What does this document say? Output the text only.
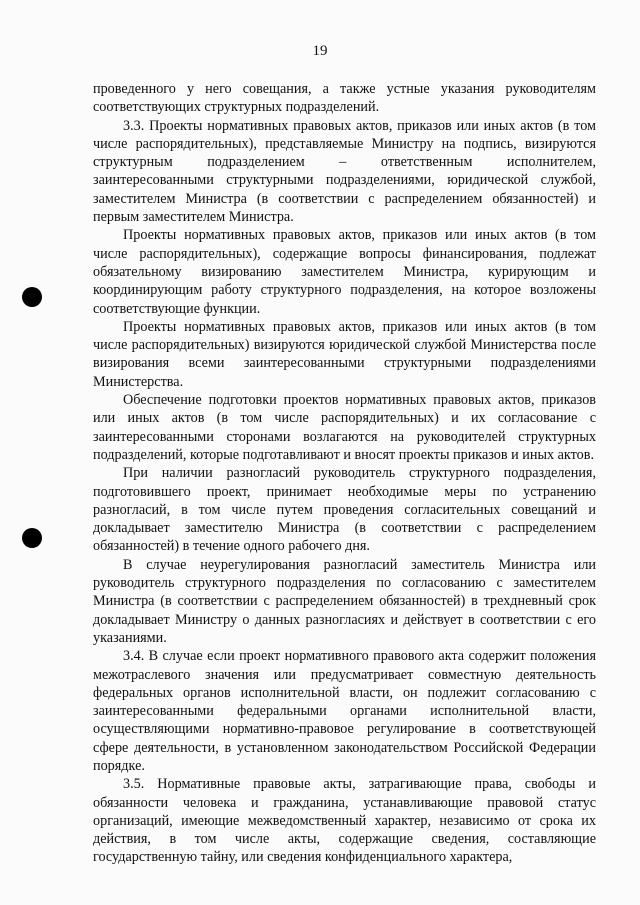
19

проведенного у него совещания, а также устные указания руководителям соответствующих структурных подразделений.

3.3. Проекты нормативных правовых актов, приказов или иных актов (в том числе распорядительных), представляемые Министру на подпись, визируются структурным подразделением – ответственным исполнителем, заинтересованными структурными подразделениями, юридической службой, заместителем Министра (в соответствии с распределением обязанностей) и первым заместителем Министра.

Проекты нормативных правовых актов, приказов или иных актов (в том числе распорядительных), содержащие вопросы финансирования, подлежат обязательному визированию заместителем Министра, курирующим и координирующим работу структурного подразделения, на которое возложены соответствующие функции.

Проекты нормативных правовых актов, приказов или иных актов (в том числе распорядительных) визируются юридической службой Министерства после визирования всеми заинтересованными структурными подразделениями Министерства.

Обеспечение подготовки проектов нормативных правовых актов, приказов или иных актов (в том числе распорядительных) и их согласование с заинтересованными сторонами возлагаются на руководителей структурных подразделений, которые подготавливают и вносят проекты приказов и иных актов.

При наличии разногласий руководитель структурного подразделения, подготовившего проект, принимает необходимые меры по устранению разногласий, в том числе путем проведения согласительных совещаний и докладывает заместителю Министра (в соответствии с распределением обязанностей) в течение одного рабочего дня.

В случае неурегулирования разногласий заместитель Министра или руководитель структурного подразделения по согласованию с заместителем Министра (в соответствии с распределением обязанностей) в трехдневный срок докладывает Министру о данных разногласиях и действует в соответствии с его указаниями.

3.4. В случае если проект нормативного правового акта содержит положения межотраслевого значения или предусматривает совместную деятельность федеральных органов исполнительной власти, он подлежит согласованию с заинтересованными федеральными органами исполнительной власти, осуществляющими нормативно-правовое регулирование в соответствующей сфере деятельности, в установленном законодательством Российской Федерации порядке.

3.5. Нормативные правовые акты, затрагивающие права, свободы и обязанности человека и гражданина, устанавливающие правовой статус организаций, имеющие межведомственный характер, независимо от срока их действия, в том числе акты, содержащие сведения, составляющие государственную тайну, или сведения конфиденциального характера,
